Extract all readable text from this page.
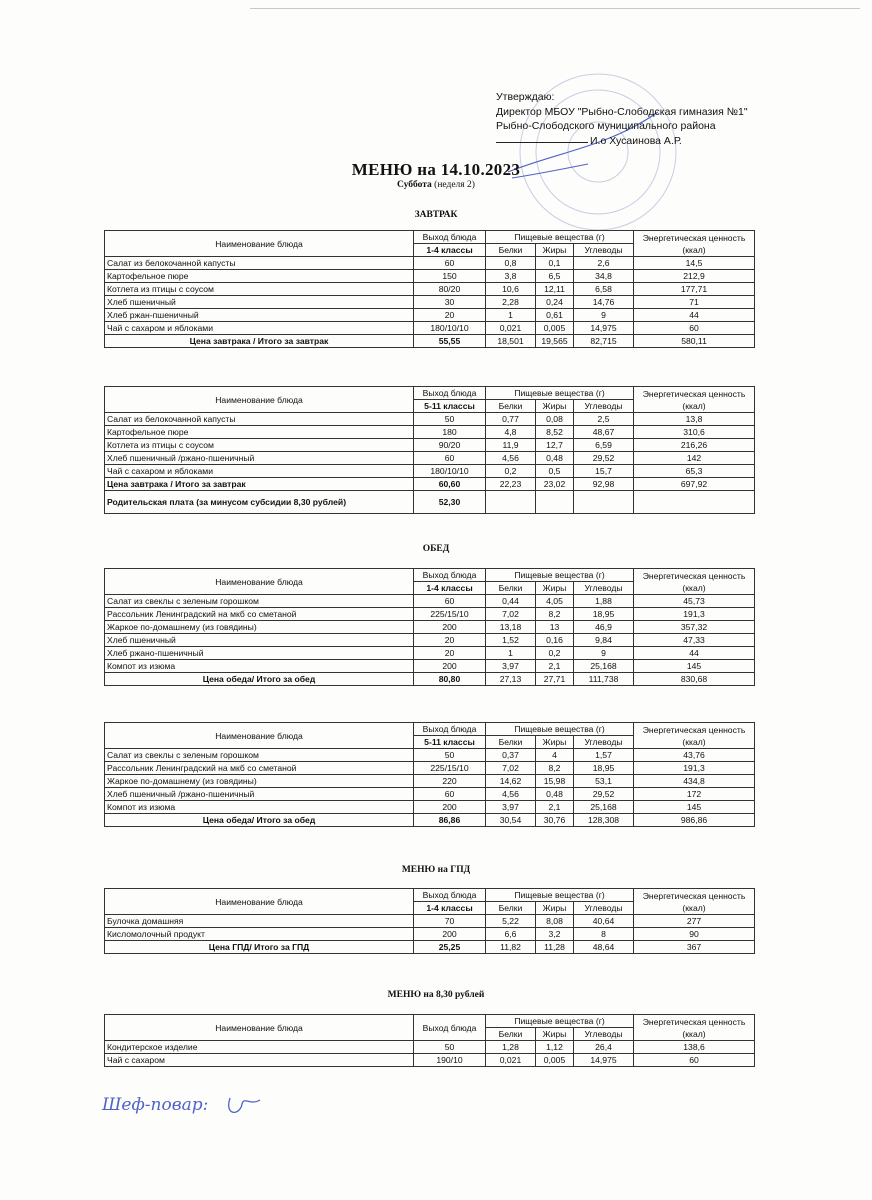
Утверждаю:
Директор МБОУ "Рыбно-Слободская гимназия №1"
Рыбно-Слободского муниципального района
И.о Хусаинова А.Р.
МЕНЮ на 14.10.2023
Суббота (неделя 2)
ЗАВТРАК
Наименование блюда	Выход блюда	Пищевые вещества (г)			Энергетическая ценность (ккал)
	1-4 классы	Белки	Жиры	Углеводы	
Салат из белокочанной капусты	60	0,8	0,1	2,6	14,5
Картофельное пюре	150	3,8	6,5	34,8	212,9
Котлета из птицы с соусом	80/20	10,6	12,11	6,58	177,71
Хлеб пшеничный	30	2,28	0,24	14,76	71
Хлеб ржан-пшеничный	20	1	0,61	9	44
Чай с сахаром и яблоками	180/10/10	0,021	0,005	14,975	60
Цена завтрака / Итого за завтрак	55,55	18,501	19,565	82,715	580,11
Наименование блюда	Выход блюда	Пищевые вещества (г)			Энергетическая ценность (ккал)
	5-11 классы	Белки	Жиры	Углеводы	
Салат из белокочанной капусты	50	0,77	0,08	2,5	13,8
Картофельное пюре	180	4,8	8,52	48,67	310,6
Котлета из птицы с соусом	90/20	11,9	12,7	6,59	216,26
Хлеб пшеничный /ржано-пшеничный	60	4,56	0,48	29,52	142
Чай с сахаром и яблоками	180/10/10	0,2	0,5	15,7	65,3
Цена завтрака / Итого за завтрак	60,60	22,23	23,02	92,98	697,92
Родительская плата (за минусом субсидии 8,30 рублей)	52,30				
ОБЕД
Наименование блюда	Выход блюда	Пищевые вещества (г)			Энергетическая ценность (ккал)
	1-4 классы	Белки	Жиры	Углеводы	
Салат из свеклы с зеленым горошком	60	0,44	4,05	1,88	45,73
Рассольник Ленинградский на мкб со сметаной	225/15/10	7,02	8,2	18,95	191,3
Жаркое по-домашнему (из говядины)	200	13,18	13	46,9	357,32
Хлеб пшеничный	20	1,52	0,16	9,84	47,33
Хлеб ржано-пшеничный	20	1	0,2	9	44
Компот из изюма	200	3,97	2,1	25,168	145
Цена обеда/ Итого за обед	80,80	27,13	27,71	111,738	830,68
Наименование блюда	Выход блюда	Пищевые вещества (г)			Энергетическая ценность (ккал)
	5-11 классы	Белки	Жиры	Углеводы	
Салат из свеклы с зеленым горошком	50	0,37	4	1,57	43,76
Рассольник Ленинградский на мкб со сметаной	225/15/10	7,02	8,2	18,95	191,3
Жаркое по-домашнему (из говядины)	220	14,62	15,98	53,1	434,8
Хлеб пшеничный /ржано-пшеничный	60	4,56	0,48	29,52	172
Компот из изюма	200	3,97	2,1	25,168	145
Цена обеда/ Итого за обед	86,86	30,54	30,76	128,308	986,86
МЕНЮ на ГПД
Наименование блюда	Выход блюда	Пищевые вещества (г)			Энергетическая ценность (ккал)
	1-4 классы	Белки	Жиры	Углеводы	
Булочка домашняя	70	5,22	8,08	40,64	277
Кисломолочный продукт	200	6,6	3,2	8	90
Цена ГПД/ Итого за ГПД	25,25	11,82	11,28	48,64	367
МЕНЮ на 8,30 рублей
Наименование блюда	Выход блюда	Пищевые вещества (г)			Энергетическая ценность (ккал)
		Белки	Жиры	Углеводы	
Кондитерское изделие	50	1,28	1,12	26,4	138,6
Чай с сахаром	190/10	0,021	0,005	14,975	60
Шеф-повар:
